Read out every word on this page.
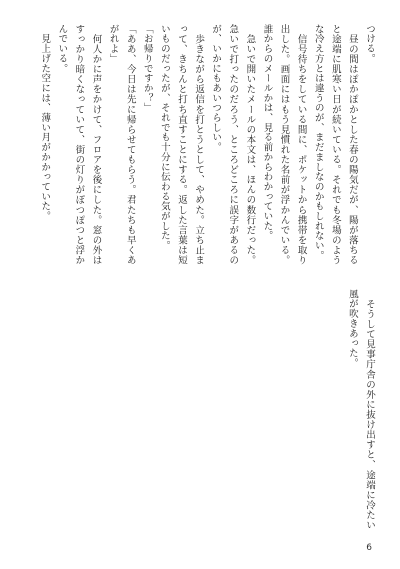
つける。

　昼の間はぽかぽかとした春の陽気だが、陽が落ちると途端に肌寒い日が続いている。それでも冬場のような冷え方とは違うのが、まだましなのかもしれない。

　信号待ちをしている間に、ポケットから携帯を取り出した。画面にはもう見慣れた名前が浮かんでいる。誰からのメールかは、見る前からわかっていた。

　急いで開いたメールの本文は、ほんの数行だった。急いで打ったのだろう、ところどころに誤字があるのが、いかにもあいつらしい。

　歩きながら返信を打とうとして、やめた。立ち止まって、きちんと打ち直すことにする。返した言葉は短いものだったが、それでも十分に伝わる気がした。

「お帰りですか？」

「ああ、今日は先に帰らせてもらう。君たちも早くあがれよ」

　何人かに声をかけて、フロアを後にした。窓の外はすっかり暗くなっていて、街の灯りがぽつぽつと浮かんでいる。

　見上げた空には、薄い月がかかっていた。

　そうして見事庁舎の外に抜け出すと、途端に冷たい風が吹きあった。

6
